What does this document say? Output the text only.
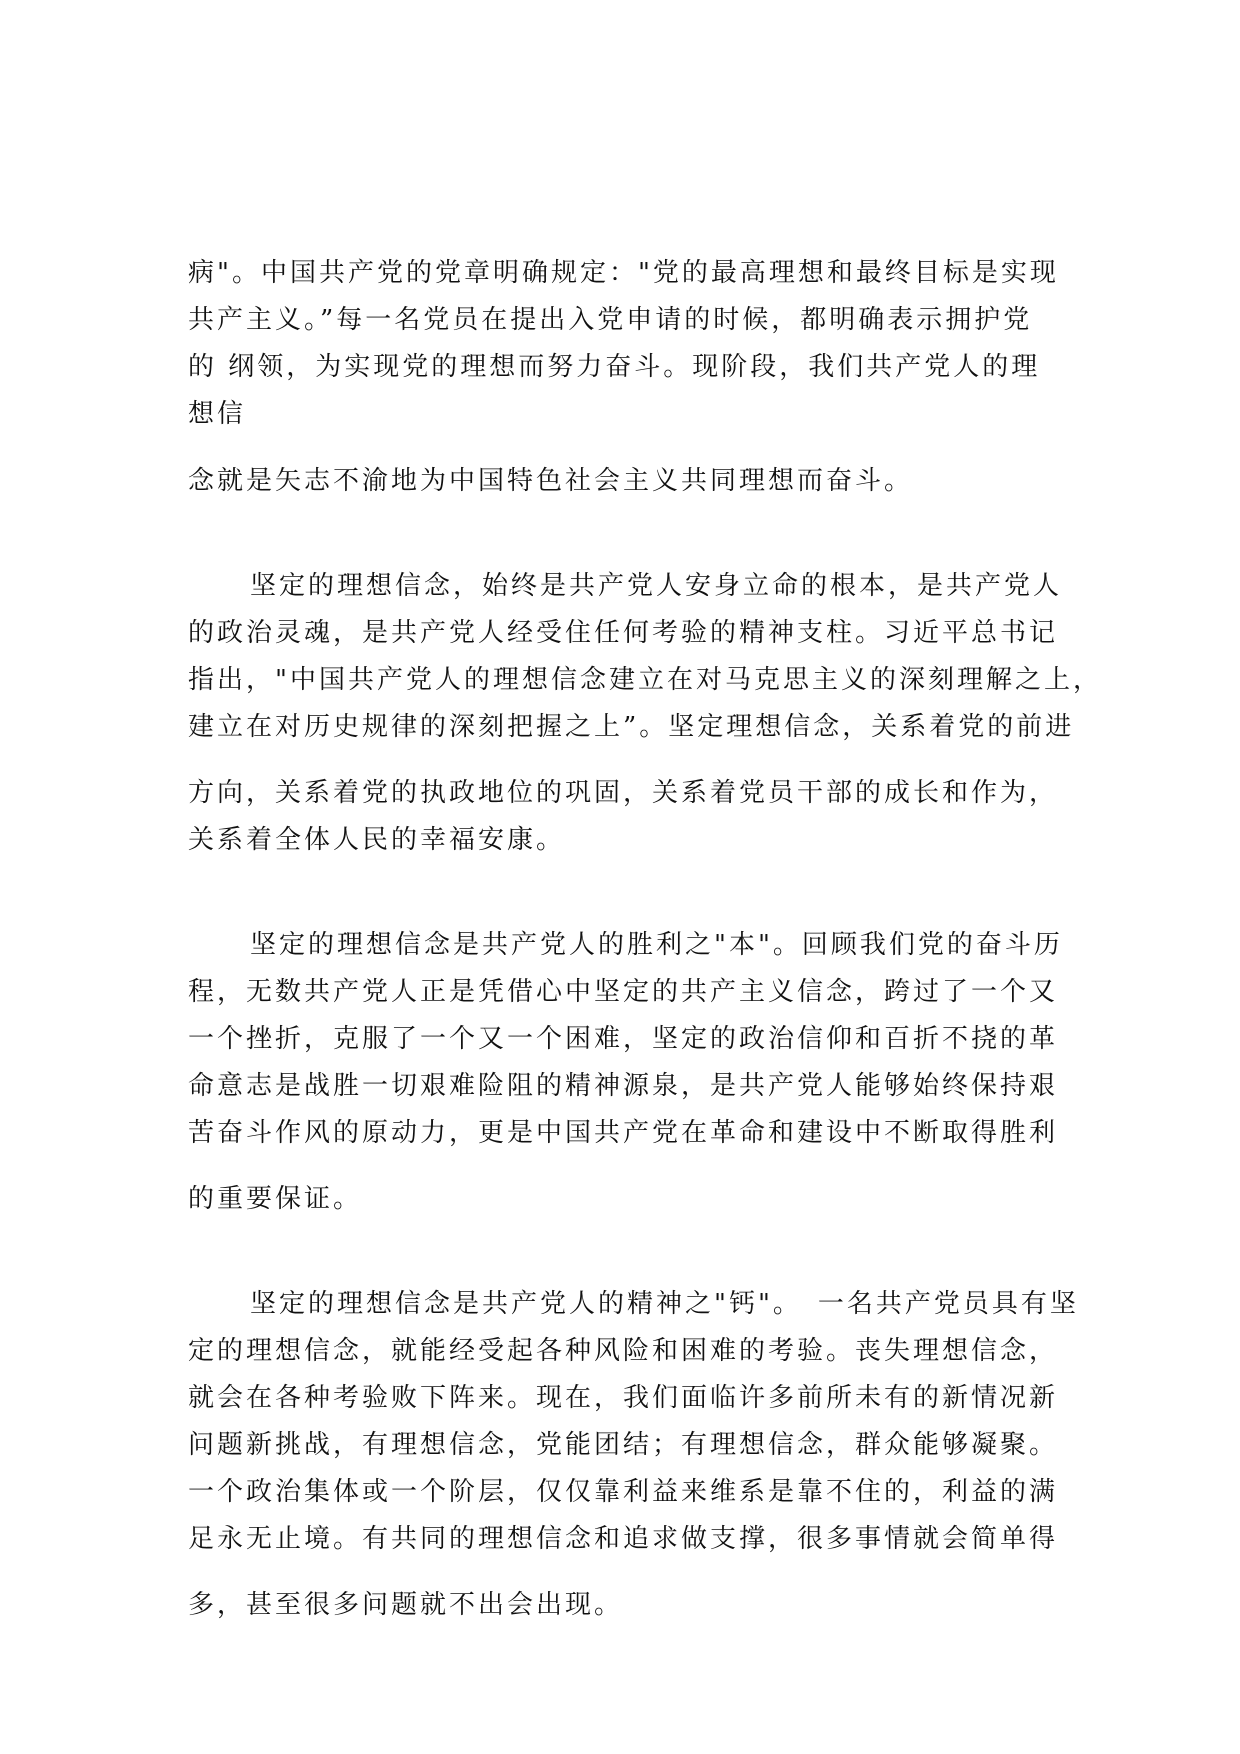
病"。中国共产党的党章明确规定："党的最高理想和最终目标是实现
共产主义。”每一名党员在提出入党申请的时候，都明确表示拥护党
的 纲领，为实现党的理想而努力奋斗。现阶段，我们共产党人的理
想信
念就是矢志不渝地为中国特色社会主义共同理想而奋斗。
坚定的理想信念，始终是共产党人安身立命的根本，是共产党人
的政治灵魂，是共产党人经受住任何考验的精神支柱。习近平总书记
指出，"中国共产党人的理想信念建立在对马克思主义的深刻理解之上，
建立在对历史规律的深刻把握之上”。坚定理想信念，关系着党的前进
方向，关系着党的执政地位的巩固，关系着党员干部的成长和作为，
关系着全体人民的幸福安康。
坚定的理想信念是共产党人的胜利之"本"。回顾我们党的奋斗历
程，无数共产党人正是凭借心中坚定的共产主义信念，跨过了一个又
一个挫折，克服了一个又一个困难，坚定的政治信仰和百折不挠的革
命意志是战胜一切艰难险阻的精神源泉，是共产党人能够始终保持艰
苦奋斗作风的原动力，更是中国共产党在革命和建设中不断取得胜利
的重要保证。
坚定的理想信念是共产党人的精神之"钙"。　一名共产党员具有坚
定的理想信念，就能经受起各种风险和困难的考验。丧失理想信念，
就会在各种考验败下阵来。现在，我们面临许多前所未有的新情况新
问题新挑战，有理想信念，党能团结；有理想信念，群众能够凝聚。
一个政治集体或一个阶层，仅仅靠利益来维系是靠不住的，利益的满
足永无止境。有共同的理想信念和追求做支撑，很多事情就会简单得
多，甚至很多问题就不出会出现。
